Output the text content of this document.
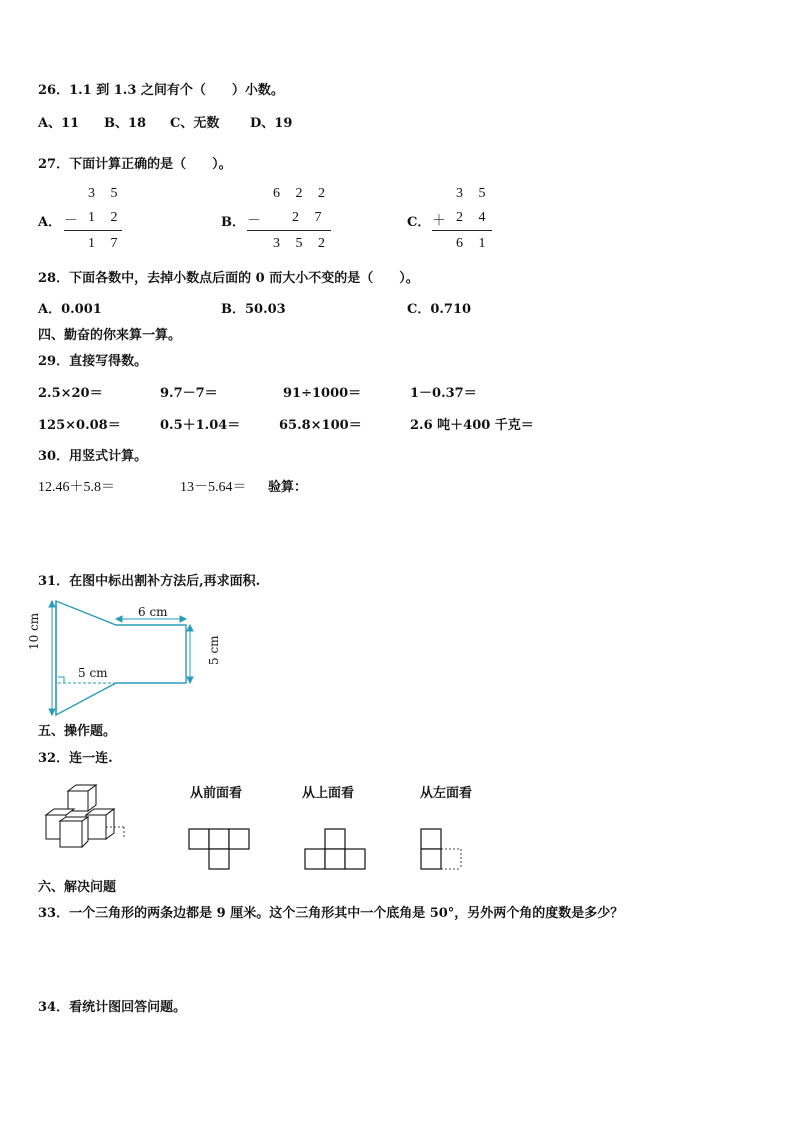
26．1.1 到 1.3 之间有个（　　）小数。
A、11 B、18 C、无数 D、19
27．下面计算正确的是（　　）。
A．
3 5
－ 1 2
1 7
B．
6 2 2
－ 2 7
3 5 2
C．
3 5
＋ 2 4
6 1
28．下面各数中，去掉小数点后面的 0 而大小不变的是（　　）。
A．0.001	B．50.03	C．0.710
四、勤奋的你来算一算。
29．直接写得数。
2.5×20＝	9.7－7＝	91÷1000＝	1－0.37＝
125×0.08＝	0.5＋1.04＝	65.8×100＝	2.6 吨＋400 千克＝
30．用竖式计算。
12.46＋5.8＝	13－5.64＝ 验算：
31．在图中标出割补方法后,再求面积.
6 cm
10 cm
5 cm
5 cm
五、操作题。
32．连一连.
从前面看	从上面看	从左面看
六、解决问题
33．一个三角形的两条边都是 9 厘米。这个三角形其中一个底角是 50°，另外两个角的度数是多少？
34．看统计图回答问题。
